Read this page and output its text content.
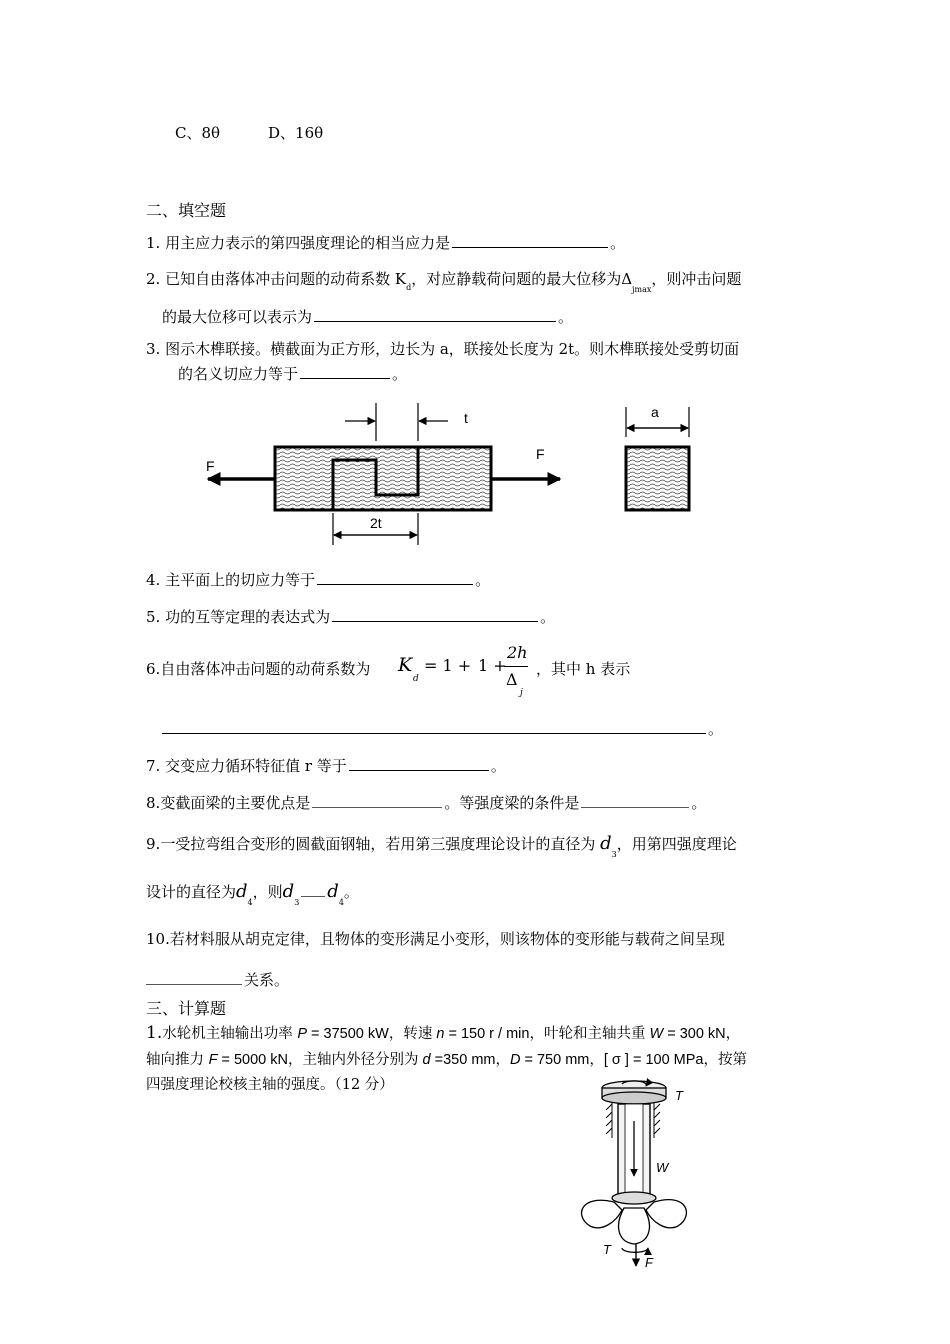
C、8θ	D、16θ
二、填空题
1. 用主应力表示的第四强度理论的相当应力是	。
2. 已知自由落体冲击问题的动荷系数 $K_d$，对应静载荷问题的最大位移为$\Delta_{jmax}$，则冲击问题
的最大位移可以表示为	。
3. 图示木榫联接。横截面为正方形，边长为 a，联接处长度为 2t。则木榫联接处受剪切面
的名义切应力等于	。
t
F
F
2t
a
4. 主平面上的切应力等于	。
5. 功的互等定理的表达式为	。
6.自由落体冲击问题的动荷系数为 K
d
= 1 + 1 +
2h
Δ
j
，其中 h 表示
。
7. 交变应力循环特征值 r 等于	。
8.变截面梁的主要优点是	。等强度梁的条件是	。
9.一受拉弯组合变形的圆截面钢轴，若用第三强度理论设计的直径为 $d_3$，用第四强度理论
设计的直径为$d_4$，则$d_3d_4$。
10.若材料服从胡克定律，且物体的变形满足小变形，则该物体的变形能与载荷之间呈现
关系。
三、计算题
1.水轮机主轴输出功率 P = 37500 kW，转速 n = 150 r / min，叶轮和主轴共重 W = 300 kN，
轴向推力 F = 5000 kN，主轴内外径分别为 d =350 mm，D = 750 mm，[ σ ] = 100 MPa，按第
四强度理论校核主轴的强度。（12 分）
T
W
T
F
